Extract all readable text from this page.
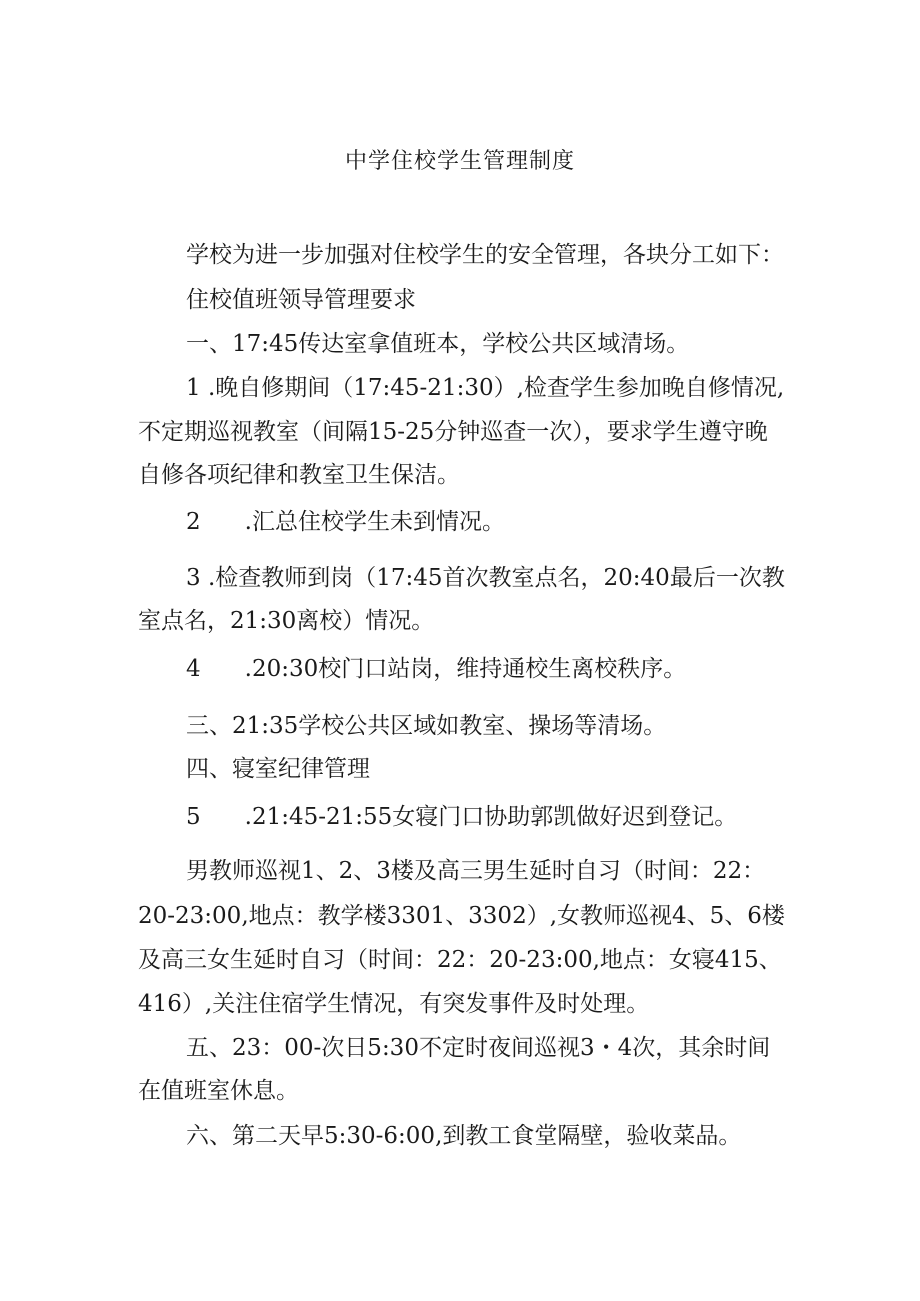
中学住校学生管理制度
学校为进一步加强对住校学生的安全管理，各块分工如下：
住校值班领导管理要求
一、17:45传达室拿值班本，学校公共区域清场。
1 .晚自修期间（17:45-21:30）,检查学生参加晚自修情况,
不定期巡视教室（间隔15-25分钟巡查一次），要求学生遵守晚
自修各项纪律和教室卫生保洁。
2 .汇总住校学生未到情况。
3 .检查教师到岗（17:45首次教室点名，20:40最后一次教
室点名，21:30离校）情况。
4 .20:30校门口站岗，维持通校生离校秩序。
三、21:35学校公共区域如教室、操场等清场。
四、寝室纪律管理
5 .21:45-21:55女寝门口协助郭凯做好迟到登记。
男教师巡视1、2、3楼及高三男生延时自习（时间：22：
20-23:00,地点：教学楼3301、3302）,女教师巡视4、5、6楼
及高三女生延时自习（时间：22：20-23:00,地点：女寝415、
416）,关注住宿学生情况，有突发事件及时处理。
五、23：00-次日5:30不定时夜间巡视3・4次，其余时间
在值班室休息。
六、第二天早5:30-6:00,到教工食堂隔壁，验收菜品。
